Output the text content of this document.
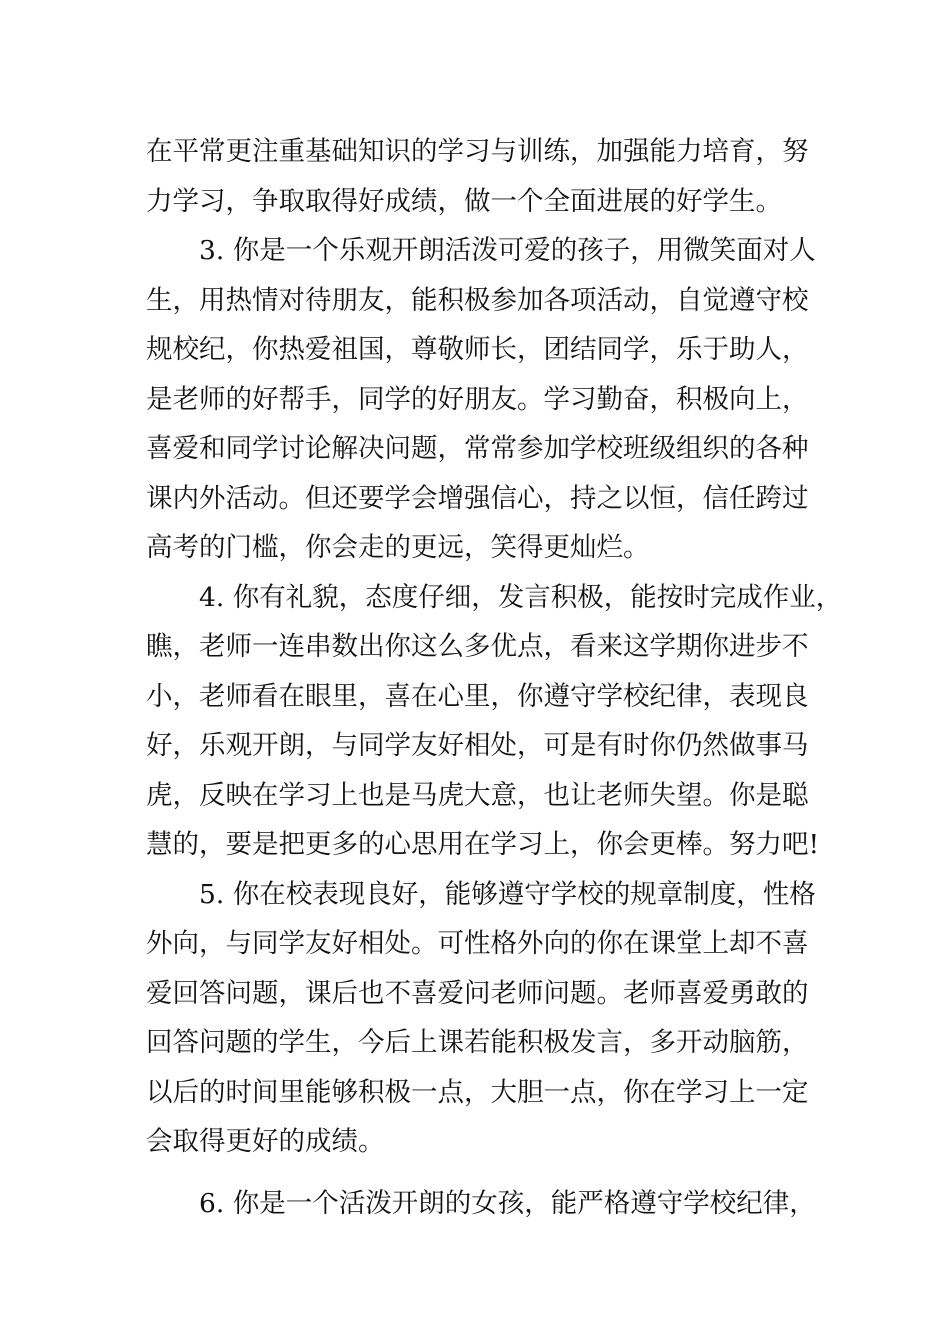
在平常更注重基础知识的学习与训练，加强能力培育，努
力学习，争取取得好成绩，做一个全面进展的好学生。
　　3. 你是一个乐观开朗活泼可爱的孩子，用微笑面对人
生，用热情对待朋友，能积极参加各项活动，自觉遵守校
规校纪，你热爱祖国，尊敬师长，团结同学，乐于助人，
是老师的好帮手，同学的好朋友。学习勤奋，积极向上，
喜爱和同学讨论解决问题，常常参加学校班级组织的各种
课内外活动。但还要学会增强信心，持之以恒，信任跨过
高考的门槛，你会走的更远，笑得更灿烂。
　　4. 你有礼貌，态度仔细，发言积极，能按时完成作业，
瞧，老师一连串数出你这么多优点，看来这学期你进步不
小，老师看在眼里，喜在心里，你遵守学校纪律，表现良
好，乐观开朗，与同学友好相处，可是有时你仍然做事马
虎，反映在学习上也是马虎大意，也让老师失望。你是聪
慧的，要是把更多的心思用在学习上，你会更棒。努力吧!
　　5. 你在校表现良好，能够遵守学校的规章制度，性格
外向，与同学友好相处。可性格外向的你在课堂上却不喜
爱回答问题，课后也不喜爱问老师问题。老师喜爱勇敢的
回答问题的学生，今后上课若能积极发言，多开动脑筋，
以后的时间里能够积极一点，大胆一点，你在学习上一定
会取得更好的成绩。
　　6. 你是一个活泼开朗的女孩，能严格遵守学校纪律，
